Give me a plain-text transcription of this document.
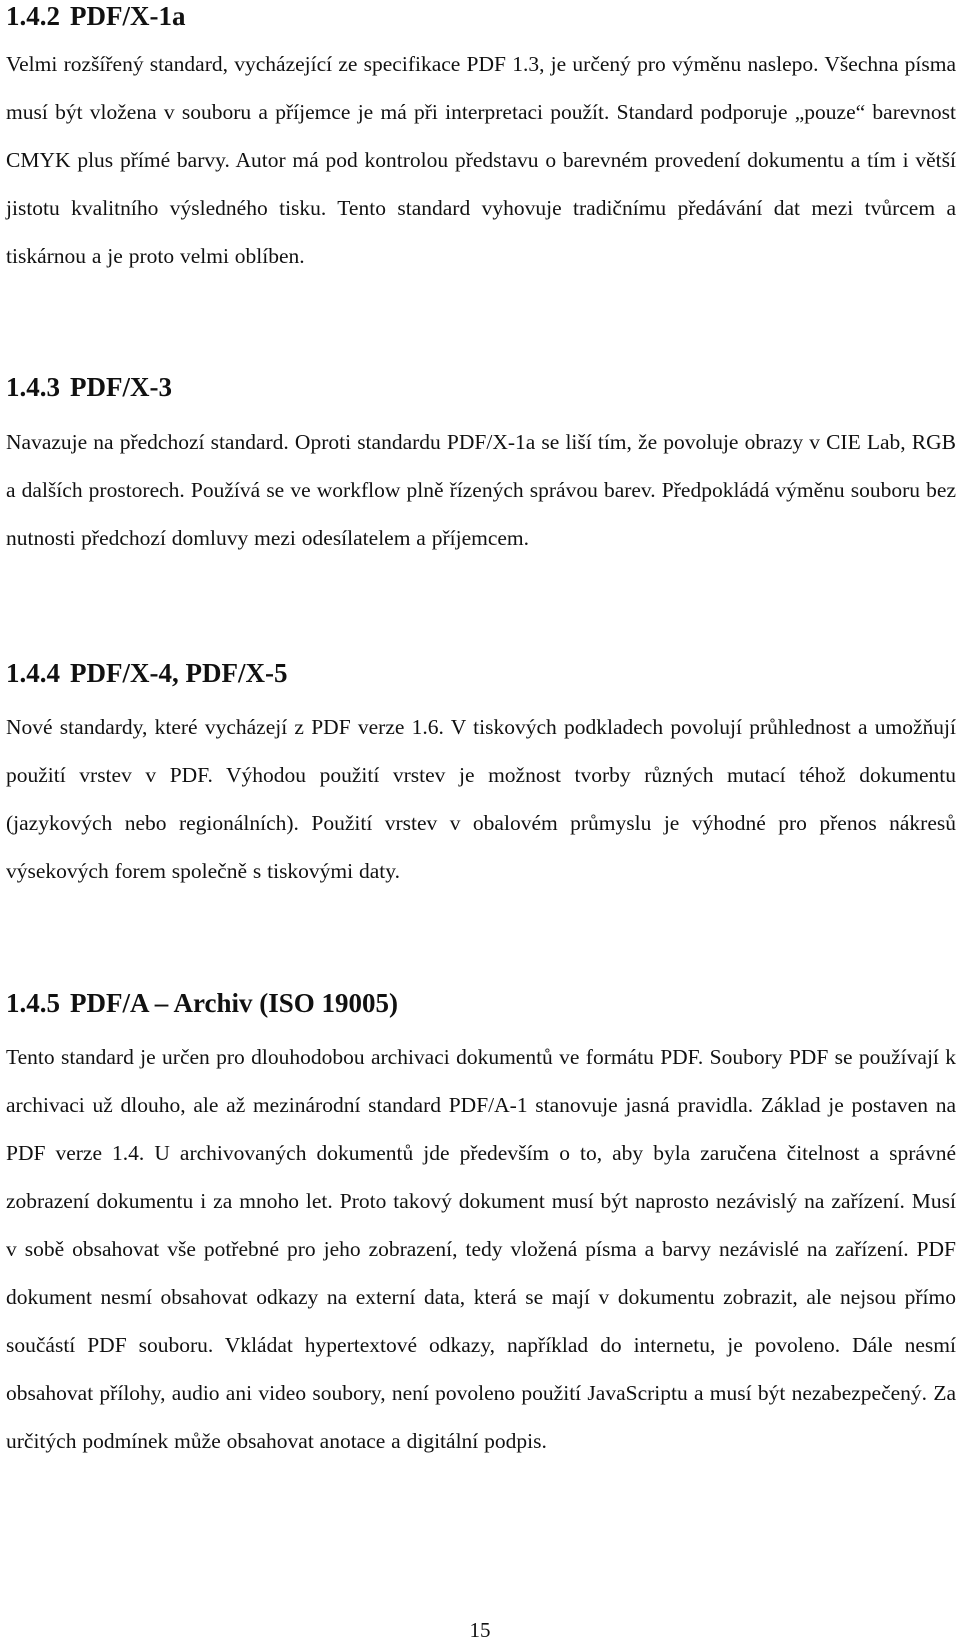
1.4.2 PDF/X-1a

Velmi rozšířený standard, vycházející ze specifikace PDF 1.3, je určený pro výměnu naslepo. Všechna písma musí být vložena v souboru a příjemce je má při interpretaci použít. Standard podporuje „pouze“ barevnost CMYK plus přímé barvy. Autor má pod kontrolou představu o barevném provedení dokumentu a tím i větší jistotu kvalitního výsledného tisku. Tento standard vyhovuje tradičnímu předávání dat mezi tvůrcem a tiskárnou a je proto velmi oblíben.

1.4.3 PDF/X-3

Navazuje na předchozí standard. Oproti standardu PDF/X-1a se liší tím, že povoluje obrazy v CIE Lab, RGB a dalších prostorech. Používá se ve workflow plně řízených správou barev. Předpokládá výměnu souboru bez nutnosti předchozí domluvy mezi odesílatelem a příjemcem.

1.4.4 PDF/X-4, PDF/X-5

Nové standardy, které vycházejí z PDF verze 1.6. V tiskových podkladech povolují průhlednost a umožňují použití vrstev v PDF. Výhodou použití vrstev je možnost tvorby různých mutací téhož dokumentu (jazykových nebo regionálních). Použití vrstev v obalovém průmyslu je výhodné pro přenos nákresů výsekových forem společně s tiskovými daty.

1.4.5 PDF/A – Archiv (ISO 19005)

Tento standard je určen pro dlouhodobou archivaci dokumentů ve formátu PDF. Soubory PDF se používají k archivaci už dlouho, ale až mezinárodní standard PDF/A-1 stanovuje jasná pravidla. Základ je postaven na PDF verze 1.4. U archivovaných dokumentů jde především o to, aby byla zaručena čitelnost a správné zobrazení dokumentu i za mnoho let. Proto takový dokument musí být naprosto nezávislý na zařízení. Musí v sobě obsahovat vše potřebné pro jeho zobrazení, tedy vložená písma a barvy nezávislé na zařízení. PDF dokument nesmí obsahovat odkazy na externí data, která se mají v dokumentu zobrazit, ale nejsou přímo součástí PDF souboru. Vkládat hypertextové odkazy, například do internetu, je povoleno. Dále nesmí obsahovat přílohy, audio ani video soubory, není povoleno použití JavaScriptu a musí být nezabezpečený. Za určitých podmínek může obsahovat anotace a digitální podpis.

15
